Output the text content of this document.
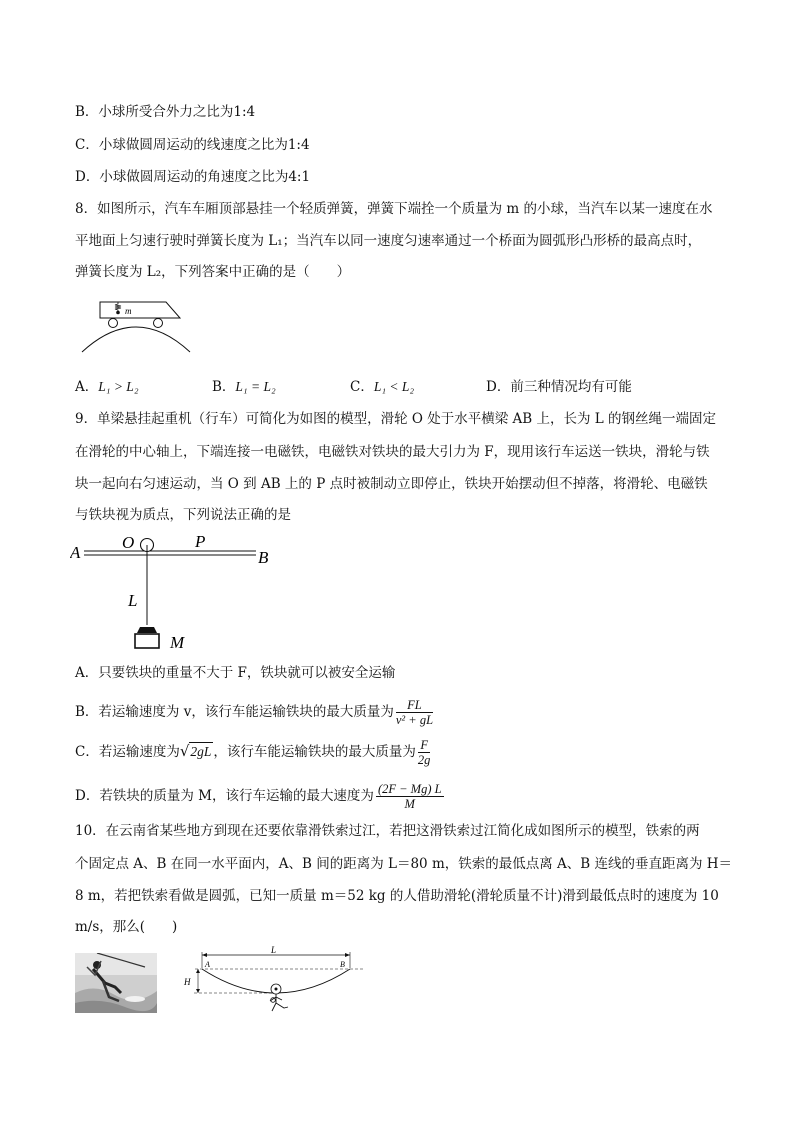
B．小球所受合外力之比为1:4
C．小球做圆周运动的线速度之比为1:4
D．小球做圆周运动的角速度之比为4:1
8．如图所示，汽车车厢顶部悬挂一个轻质弹簧，弹簧下端拴一个质量为 m 的小球，当汽车以某一速度在水
平地面上匀速行驶时弹簧长度为 L₁；当汽车以同一速度匀速率通过一个桥面为圆弧形凸形桥的最高点时，
弹簧长度为 L₂，下列答案中正确的是（　　）
m
A．L₁ > L₂	B．L₁ = L₂	C．L₁ < L₂	D．前三种情况均有可能
9．单梁悬挂起重机（行车）可简化为如图的模型，滑轮 O 处于水平横梁 AB 上，长为 L 的钢丝绳一端固定
在滑轮的中心轴上，下端连接一电磁铁，电磁铁对铁块的最大引力为 F，现用该行车运送一铁块，滑轮与铁
块一起向右匀速运动，当 O 到 AB 上的 P 点时被制动立即停止，铁块开始摆动但不掉落，将滑轮、电磁铁
与铁块视为质点，下列说法正确的是
A
O	P
B
L
M
A．只要铁块的重量不大于 F，铁块就可以被安全运输
B．若运输速度为 v，该行车能运输铁块的最大质量为 $\frac{FL}{\text{v² + gL}}$
C．若运输速度为√2gL ，该行车能运输铁块的最大质量为 $\frac{F}{2g}$
D．若铁块的质量为 M，该行车运输的最大速度为 $\frac{(2F - Mg) L}{M}$
10．在云南省某些地方到现在还要依靠滑铁索过江，若把这滑铁索过江简化成如图所示的模型，铁索的两
个固定点 A、B 在同一水平面内，A、B 间的距离为 L＝80 m，铁索的最低点离 A、B 连线的垂直距离为 H＝
8 m，若把铁索看做是圆弧，已知一质量 m＝52 kg 的人借助滑轮(滑轮质量不计)滑到最低点时的速度为 10
m/s，那么(　　)
L
A	B
H
